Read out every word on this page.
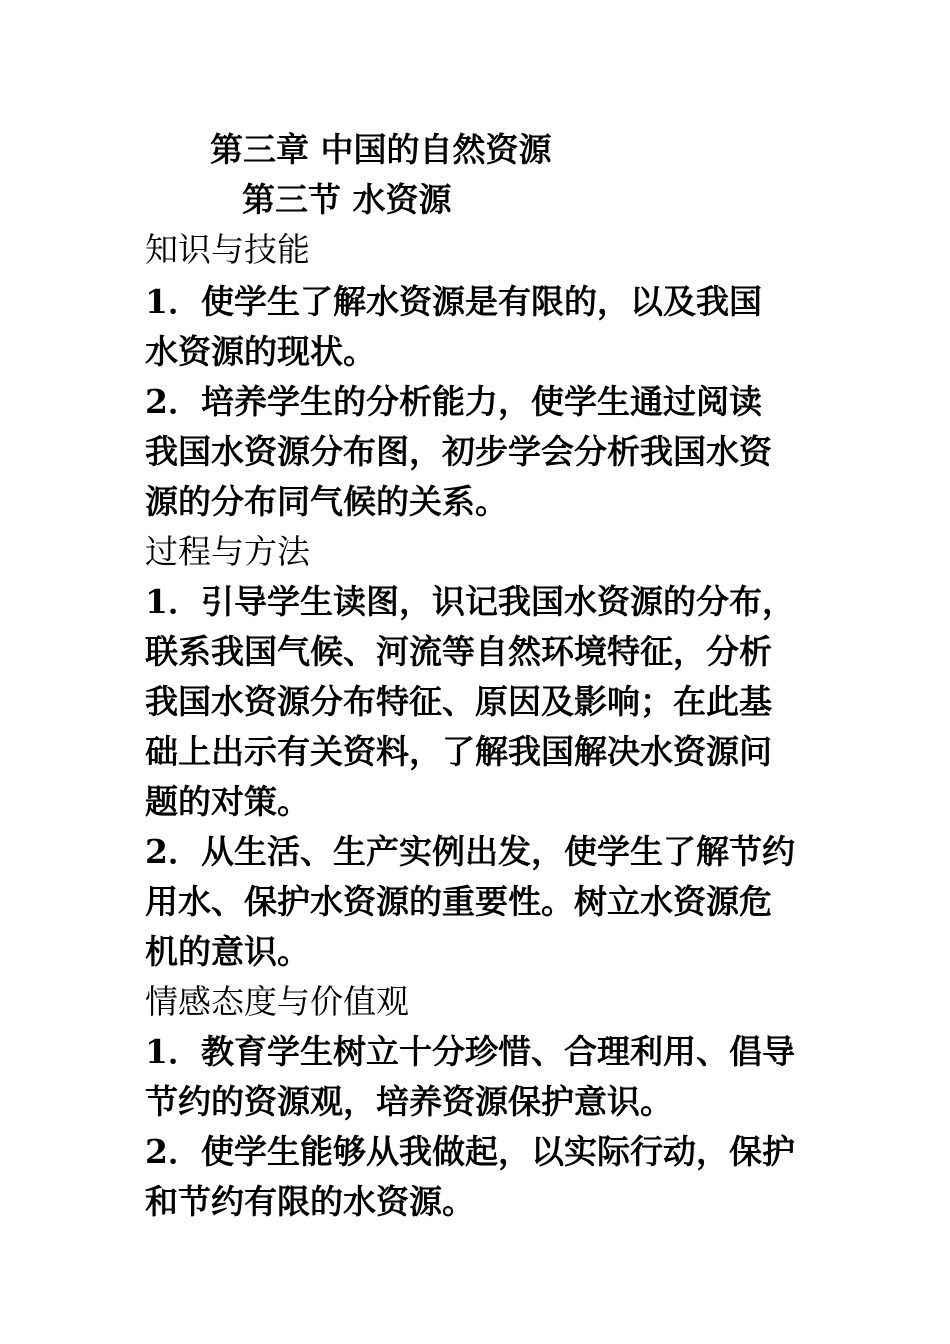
第三章 中国的自然资源
第三节 水资源
知识与技能
1．使学生了解水资源是有限的，以及我国
水资源的现状。
2．培养学生的分析能力，使学生通过阅读
我国水资源分布图，初步学会分析我国水资
源的分布同气候的关系。
过程与方法
1．引导学生读图，识记我国水资源的分布，
联系我国气候、河流等自然环境特征，分析
我国水资源分布特征、原因及影响；在此基
础上出示有关资料，了解我国解决水资源问
题的对策。
2．从生活、生产实例出发，使学生了解节约
用水、保护水资源的重要性。树立水资源危
机的意识。
情感态度与价值观
1．教育学生树立十分珍惜、合理利用、倡导
节约的资源观，培养资源保护意识。
2．使学生能够从我做起，以实际行动，保护
和节约有限的水资源。
